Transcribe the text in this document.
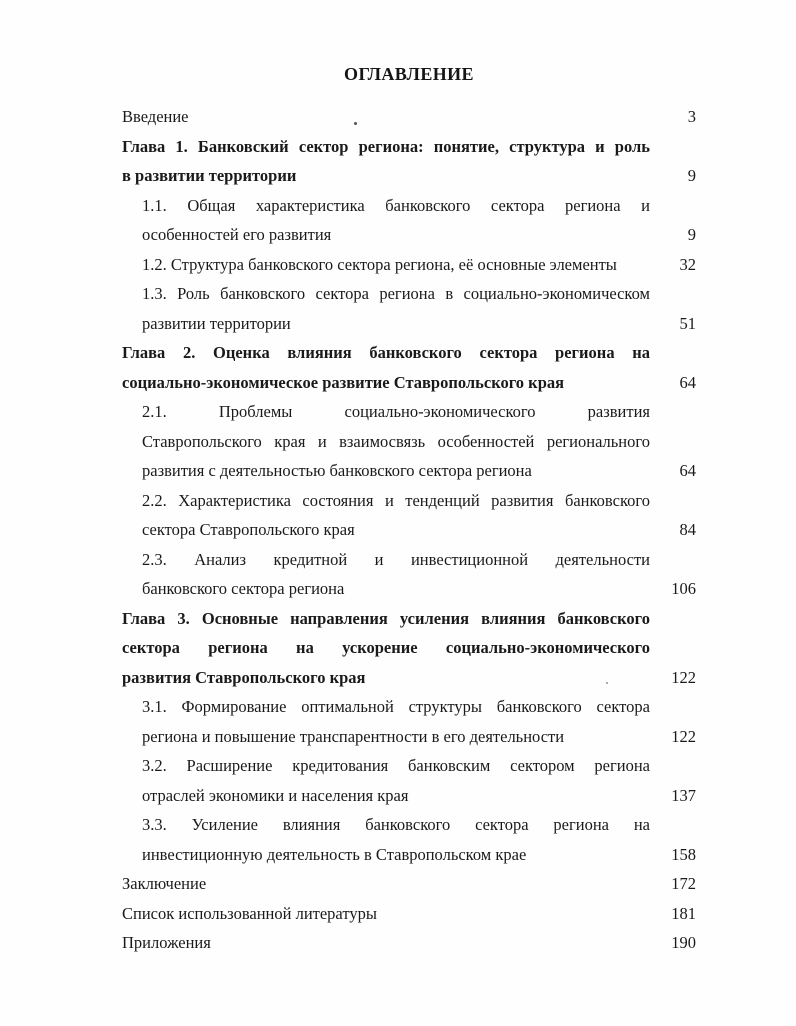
ОГЛАВЛЕНИЕ
Введение	3
Глава 1. Банковский сектор региона: понятие, структура и роль
в развитии территории	9
1.1. Общая характеристика банковского сектора региона и
особенностей его развития	9
1.2. Структура банковского сектора региона, её основные элементы	32
1.3. Роль банковского сектора региона в социально-экономическом
развитии территории	51
Глава 2. Оценка влияния банковского сектора региона на
социально-экономическое развитие Ставропольского края	64
2.1. Проблемы социально-экономического развития
Ставропольского края и взаимосвязь особенностей регионального
развития с деятельностью банковского сектора региона	64
2.2. Характеристика состояния и тенденций развития банковского
сектора Ставропольского края	84
2.3. Анализ кредитной и инвестиционной деятельности
банковского сектора региона	106
Глава 3. Основные направления усиления влияния банковского
сектора региона на ускорение социально-экономического
развития Ставропольского края	122
3.1. Формирование оптимальной структуры банковского сектора
региона и повышение транспарентности в его деятельности	122
3.2. Расширение кредитования банковским сектором региона
отраслей экономики и населения края	137
3.3. Усиление влияния банковского сектора региона на
инвестиционную деятельность в Ставропольском крае	158
Заключение	172
Список использованной литературы	181
Приложения	190
